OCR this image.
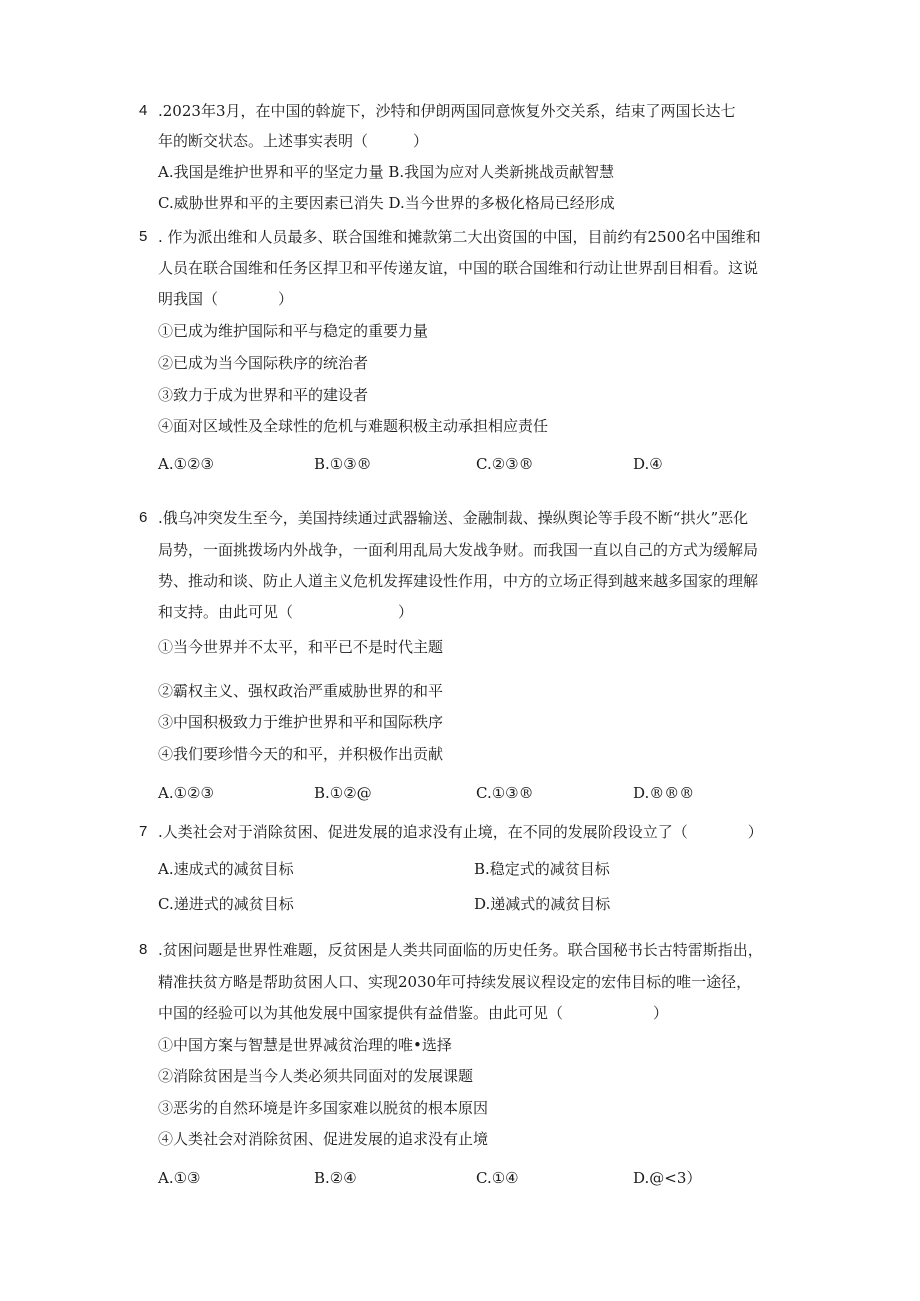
4 .2023年3月，在中国的斡旋下，沙特和伊朗两国同意恢复外交关系，结束了两国长达七
年的断交状态。上述事实表明（　　　）
A.我国是维护世界和平的坚定力量 B.我国为应对人类新挑战贡献智慧
C.威胁世界和平的主要因素已消失 D.当今世界的多极化格局已经形成
5 . 作为派出维和人员最多、联合国维和摊款第二大出资国的中国，目前约有2500名中国维和
人员在联合国维和任务区捍卫和平传递友谊，中国的联合国维和行动让世界刮目相看。这说
明我国（　　　　）
①已成为维护国际和平与稳定的重要力量
②已成为当今国际秩序的统治者
③致力于成为世界和平的建设者
④面对区域性及全球性的危机与难题积极主动承担相应责任
A.①②③	B.①③®	C.②③®	D.④
6 .俄乌冲突发生至今，美国持续通过武器输送、金融制裁、操纵舆论等手段不断“拱火”恶化
局势，一面挑拨场内外战争，一面利用乱局大发战争财。而我国一直以自己的方式为缓解局
势、推动和谈、防止人道主义危机发挥建设性作用，中方的立场正得到越来越多国家的理解
和支持。由此可见（　　　　　　　）
①当今世界并不太平，和平已不是时代主题
②霸权主义、强权政治严重威胁世界的和平
③中国积极致力于维护世界和平和国际秩序
④我们要珍惜今天的和平，并积极作出贡献
A.①②③	B.①②@	C.①③®	D.®®®
7 .人类社会对于消除贫困、促进发展的追求没有止境，在不同的发展阶段设立了（　　　　）
A.速成式的减贫目标	B.稳定式的减贫目标
C.递进式的减贫目标	D.递减式的减贫目标
8 .贫困问题是世界性难题，反贫困是人类共同面临的历史任务。联合国秘书长古特雷斯指出，
精准扶贫方略是帮助贫困人口、实现2030年可持续发展议程设定的宏伟目标的唯一途径，
中国的经验可以为其他发展中国家提供有益借鉴。由此可见（　　　　　　）
①中国方案与智慧是世界减贫治理的唯•选择
②消除贫困是当今人类必须共同面对的发展课题
③恶劣的自然环境是许多国家难以脱贫的根本原因
④人类社会对消除贫困、促进发展的追求没有止境
A.①③	B.②④	C.①④	D.@<3）
